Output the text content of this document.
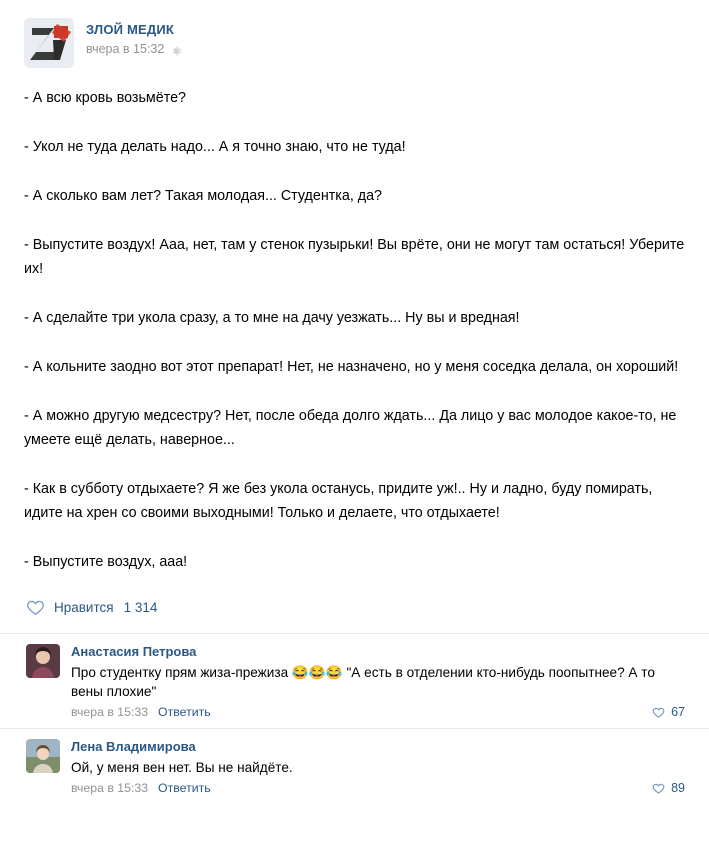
ЗЛОЙ МЕДИК
вчера в 15:32

- А всю кровь возьмёте?

- Укол не туда делать надо... А я точно знаю, что не туда!

- А сколько вам лет? Такая молодая... Студентка, да?

- Выпустите воздух! Ааа, нет, там у стенок пузырьки! Вы врёте, они не могут там остаться! Уберите их!

- А сделайте три укола сразу, а то мне на дачу уезжать... Ну вы и вредная!

- А кольните заодно вот этот препарат! Нет, не назначено, но у меня соседка делала, он хороший!

- А можно другую медсестру? Нет, после обеда долго ждать... Да лицо у вас молодое какое-то, не умеете ещё делать, наверное...

- Как в субботу отдыхаете? Я же без укола останусь, придите уж!.. Ну и ладно, буду помирать, идите на хрен со своими выходными! Только и делаете, что отдыхаете!

- Выпустите воздух, ааа!

Нравится 1 314
Анастасия Петрова
Про студентку прям жиза-прежиза 😂😂😂 "А есть в отделении кто-нибудь поопытнее? А то вены плохие"
вчера в 15:33 Ответить	67
Лена Владимирова
Ой, у меня вен нет. Вы не найдёте.
вчера в 15:33 Ответить	89
